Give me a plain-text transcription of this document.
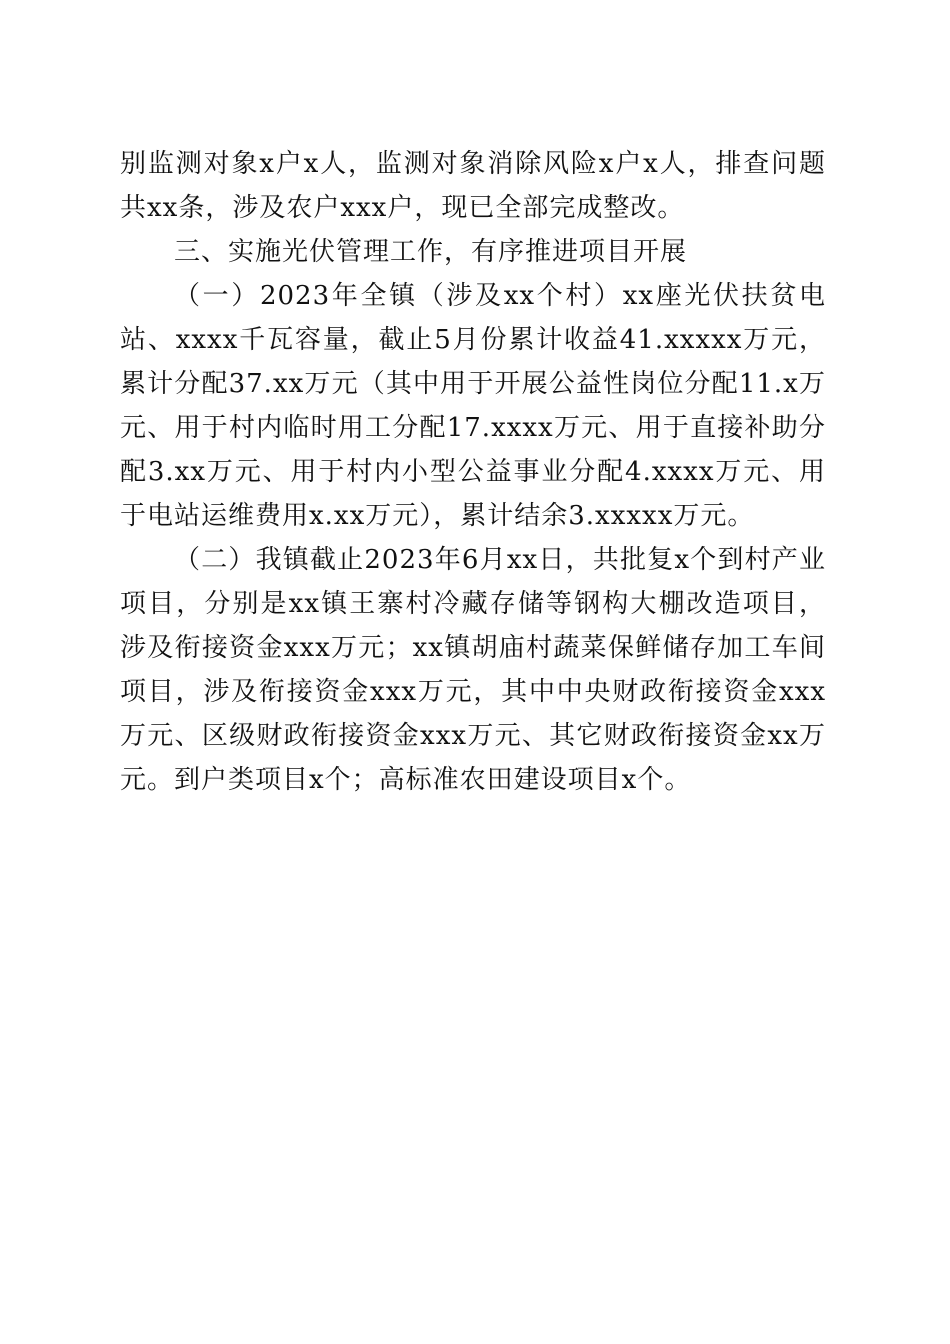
别监测对象x户x人，监测对象消除风险x户x人，排查问题共xx条，涉及农户xxx户，现已全部完成整改。

三、实施光伏管理工作，有序推进项目开展

（一）2023年全镇（涉及xx个村）xx座光伏扶贫电站、xxxx千瓦容量，截止5月份累计收益41.xxxxx万元，累计分配37.xx万元（其中用于开展公益性岗位分配11.x万元、用于村内临时用工分配17.xxxx万元、用于直接补助分配3.xx万元、用于村内小型公益事业分配4.xxxx万元、用于电站运维费用x.xx万元），累计结余3.xxxxx万元。

（二）我镇截止2023年6月xx日，共批复x个到村产业项目，分别是xx镇王寨村冷藏存储等钢构大棚改造项目，涉及衔接资金xxx万元；xx镇胡庙村蔬菜保鲜储存加工车间项目，涉及衔接资金xxx万元，其中中央财政衔接资金xxx万元、区级财政衔接资金xxx万元、其它财政衔接资金xx万元。到户类项目x个；高标准农田建设项目x个。
